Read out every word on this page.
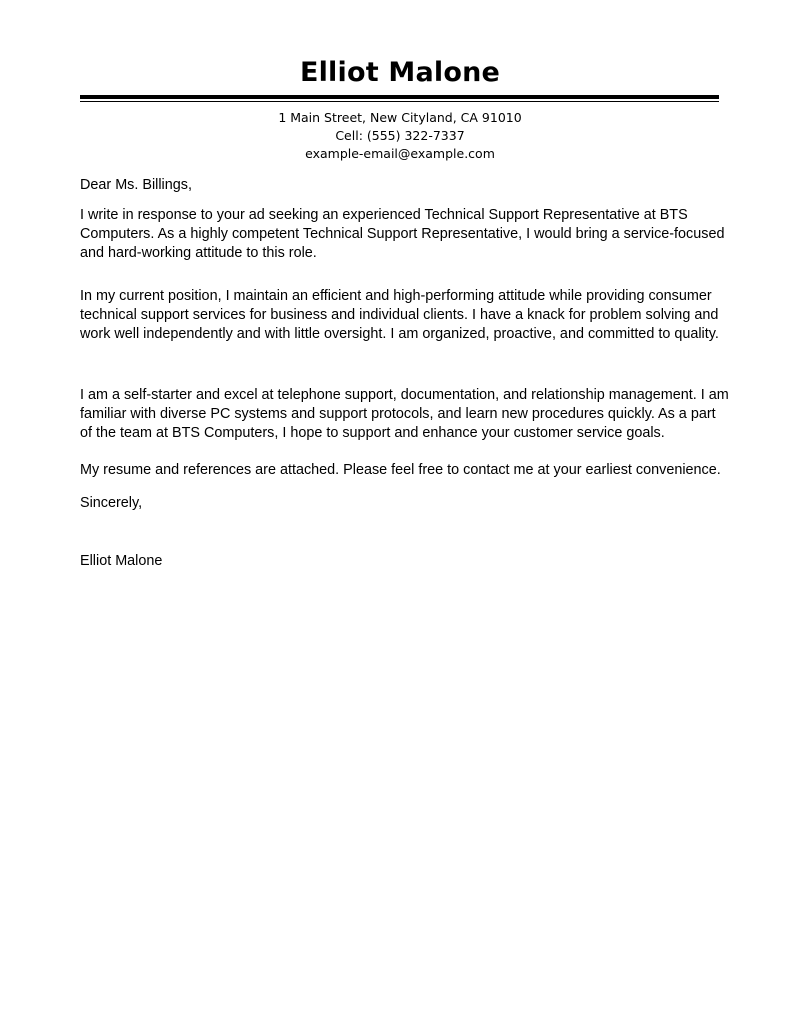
Elliot Malone

1 Main Street, New Cityland, CA 91010

Cell: (555) 322-7337

example-email@example.com

Dear Ms. Billings,

I write in response to your ad seeking an experienced Technical Support Representative at BTS Computers. As a highly competent Technical Support Representative, I would bring a service-focused and hard-working attitude to this role.

In my current position, I maintain an efficient and high-performing attitude while providing consumer technical support services for business and individual clients. I have a knack for problem solving and work well independently and with little oversight. I am organized, proactive, and committed to quality.

I am a self-starter and excel at telephone support, documentation, and relationship management. I am familiar with diverse PC systems and support protocols, and learn new procedures quickly. As a part of the team at BTS Computers, I hope to support and enhance your customer service goals.

My resume and references are attached. Please feel free to contact me at your earliest convenience.

Sincerely,

Elliot Malone
